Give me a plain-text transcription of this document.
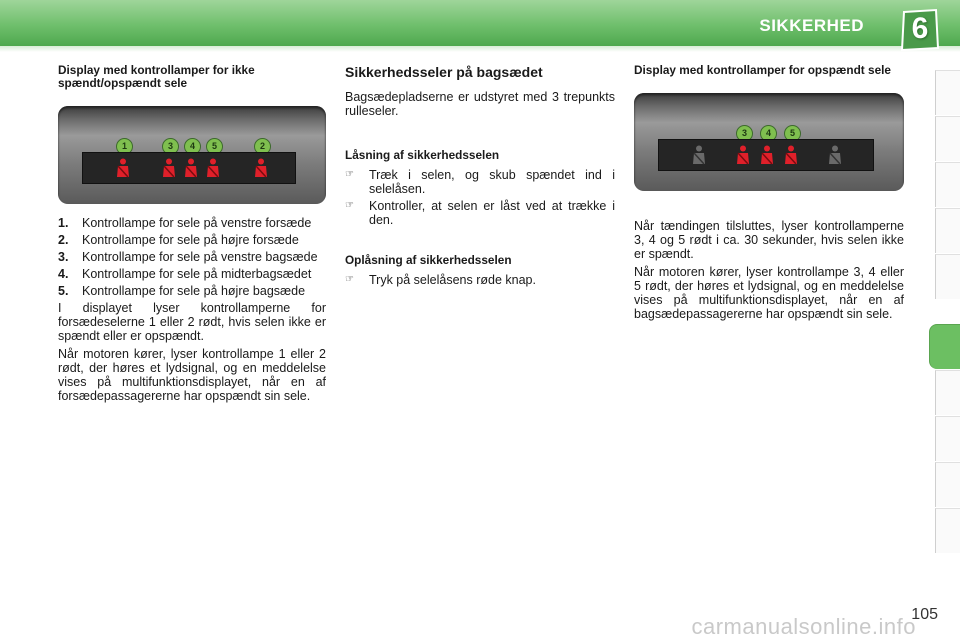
SIKKERHED	6
Display med kontrollamper for ikke spændt/opspændt sele
1	3	4	5	2
1. Kontrollampe for sele på venstre forsæde
2. Kontrollampe for sele på højre forsæde
3. Kontrollampe for sele på venstre bagsæde
4. Kontrollampe for sele på midterbagsædet
5. Kontrollampe for sele på højre bagsæde

I displayet lyser kontrollamperne for forsædeselerne 1 eller 2 rødt, hvis selen ikke er spændt eller er opspændt.

Når motoren kører, lyser kontrollampe 1 eller 2 rødt, der høres et lydsignal, og en meddelelse vises på multifunktionsdisplayet, når en af forsædepassagererne har opspændt sin sele.

Sikkerhedsseler på bagsædet

Bagsædepladserne er udstyret med 3 trepunkts rulleseler.

Låsning af sikkerhedsselen
☞ Træk i selen, og skub spændet ind i selelåsen.
☞ Kontroller, at selen er låst ved at trække i den.
Oplåsning af sikkerhedsselen
☞ Tryk på selelåsens røde knap.
Display med kontrollamper for opspændt sele
3	4	5

Når tændingen tilsluttes, lyser kontrollamperne 3, 4 og 5 rødt i ca. 30 sekunder, hvis selen ikke er spændt.

Når motoren kører, lyser kontrollampe 3, 4 eller 5 rødt, der høres et lydsignal, og en meddelelse vises på multifunktionsdisplayet, når en af bagsædepassagererne har opspændt sin sele.

105
carmanualsonline.info
